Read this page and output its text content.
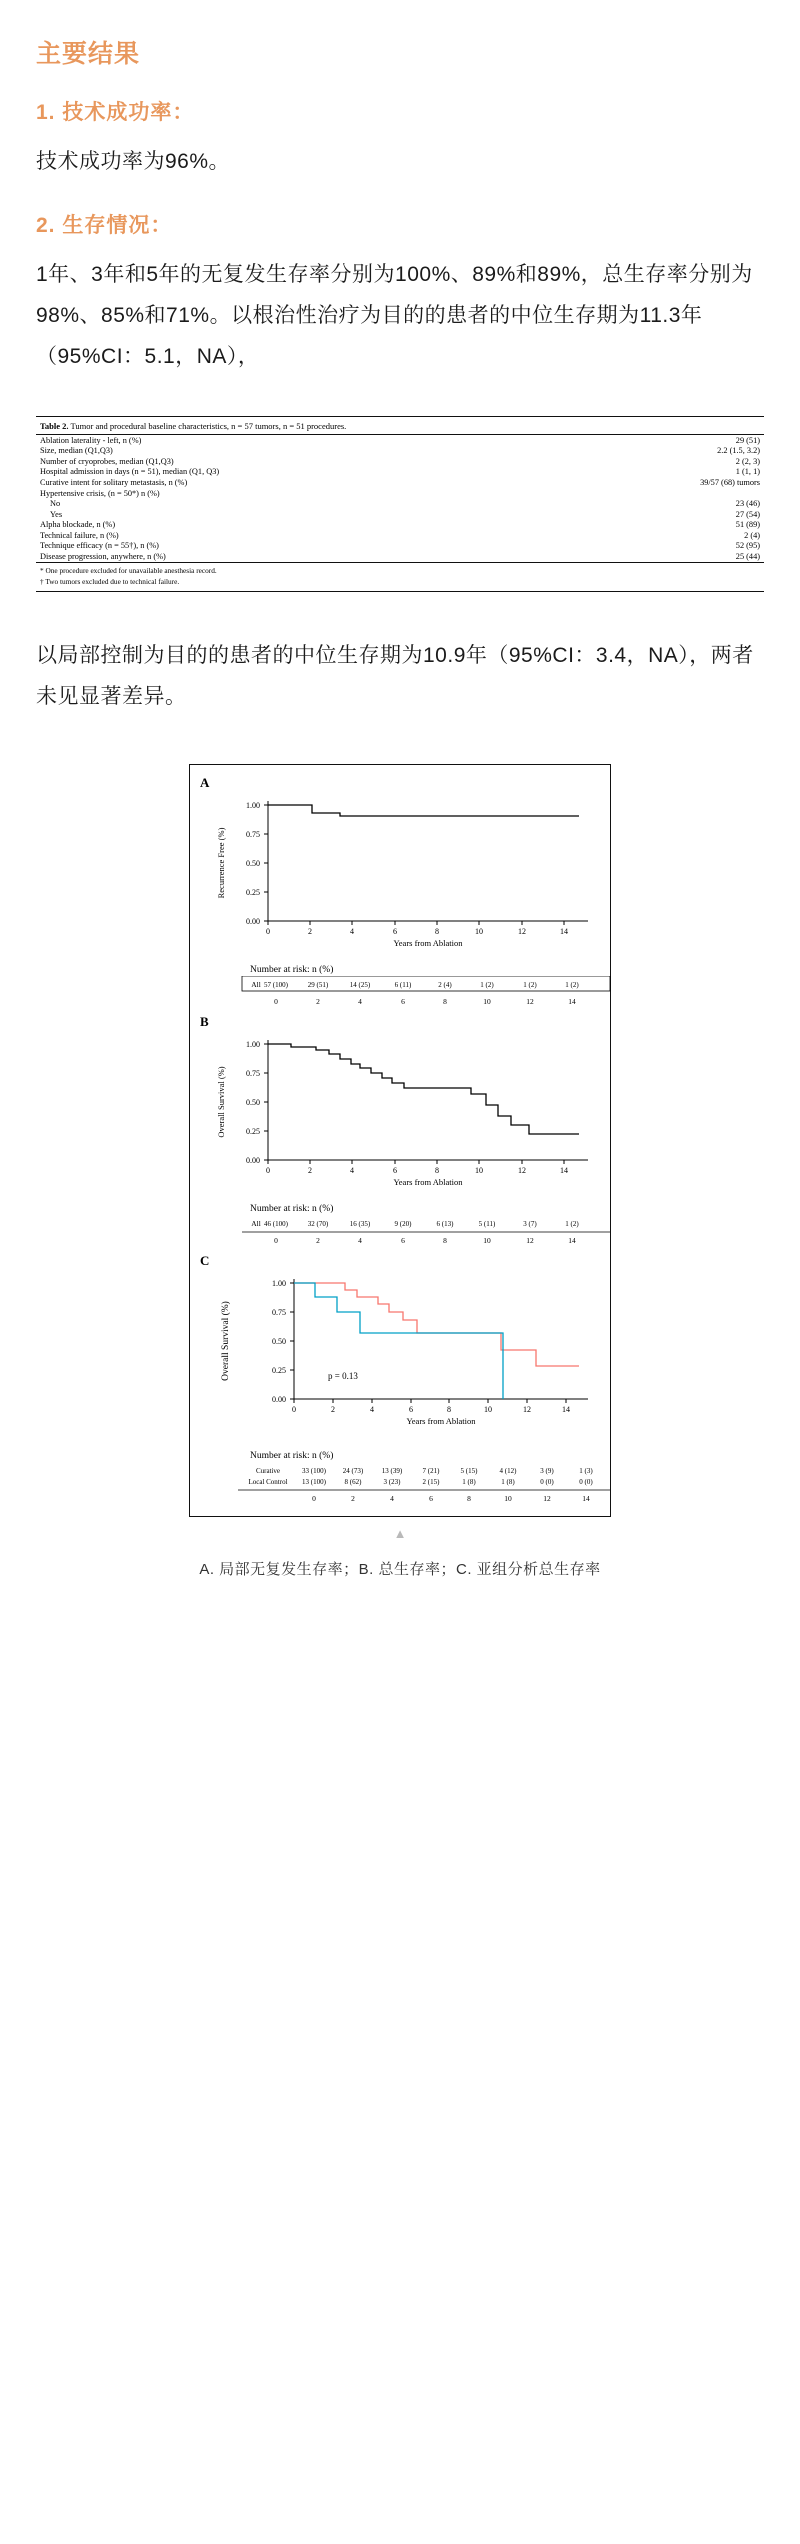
主要结果
1. 技术成功率：

技术成功率为96%。

2. 生存情况：

1年、3年和5年的无复发生存率分别为100%、89%和89%，总生存率分别为98%、85%和71%。以根治性治疗为目的的患者的中位生存期为11.3年（95%CI：5.1，NA），

Table 2. Tumor and procedural baseline characteristics, n = 57 tumors, n = 51 procedures.
Ablation laterality - left, n (%)	29 (51)
Size, median (Q1,Q3)	2.2 (1.5, 3.2)
Number of cryoprobes, median (Q1,Q3)	2 (2, 3)
Hospital admission in days (n = 51), median (Q1, Q3)	1 (1, 1)
Curative intent for solitary metastasis, n (%)	39/57 (68) tumors
Hypertensive crisis, (n = 50*) n (%)	
No	23 (46)
Yes	27 (54)
Alpha blockade, n (%)	51 (89)
Technical failure, n (%)	2 (4)
Technique efficacy (n = 55†), n (%)	52 (95)
Disease progression, anywhere, n (%)	25 (44)
* One procedure excluded for unavailable anesthesia record.
† Two tumors excluded due to technical failure.

以局部控制为目的的患者的中位生存期为10.9年（95%CI：3.4，NA），两者未见显著差异。

A
0.00
0.25
0.50
0.75
1.00
0	2	4	6	8	10	12	14
Years from Ablation
Recurrence Free (%)
Number at risk: n (%)
All 57 (100)	29 (51)	14 (25)	6 (11)	2 (4)	1 (2)	1 (2)	1 (2)
0	2	4	6	8	10	12	14
B
0.00
0.25
0.50
0.75
1.00
0	2	4	6	8	10	12	14
Years from Ablation
Overall Survival (%)
Number at risk: n (%)
All 46 (100)	32 (70)	16 (35)	9 (20)	6 (13)	5 (11)	3 (7)	1 (2)
0	2	4	6	8	10	12	14
C
0.00
0.25
0.50
0.75
1.00
0	2	4	6	8	10	12	14
Years from Ablation
Overall Survival (%)	p = 0.13
Number at risk: n (%)
Curative
Local Control
33 (100) 24 (73)	13 (39)	7 (21)	5 (15)	4 (12)	3 (9)	1 (3)
13 (100)	8 (62)	3 (23)	2 (15)	1 (8)	1 (8)	0 (0)	0 (0)
0	2	4	6	8	10	12	14
▲
A. 局部无复发生存率；B. 总生存率；C. 亚组分析总生存率
